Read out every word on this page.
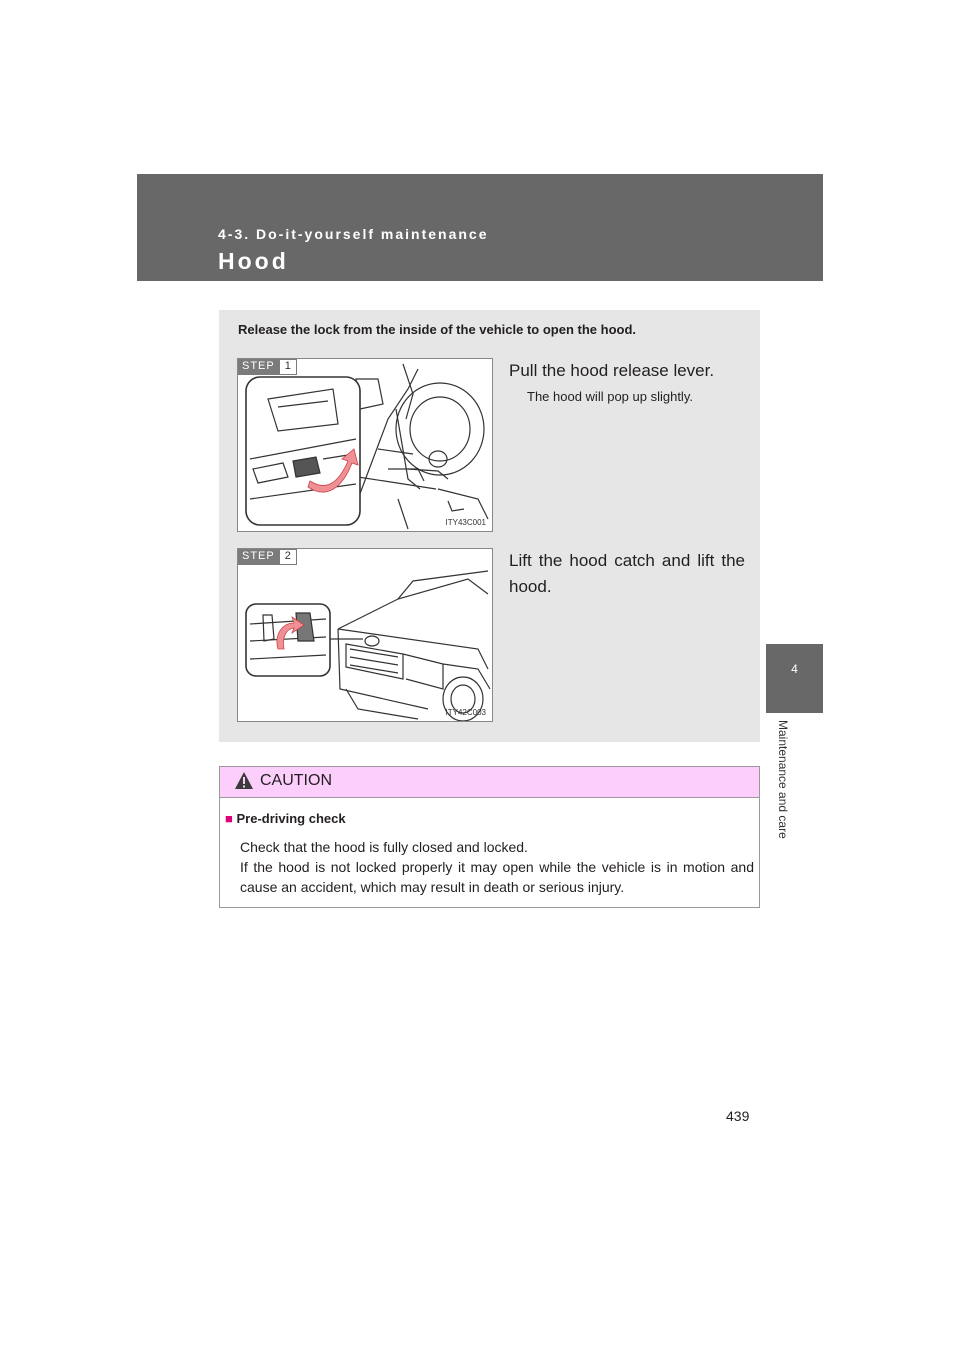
4-3. Do-it-yourself maintenance
Hood
4
Maintenance and care
Release the lock from the inside of the vehicle to open the hood.
STEP 1
ITY43C001
Pull the hood release lever.
The hood will pop up slightly.
STEP 2
ITY42C003
Lift the hood catch and lift the hood.
CAUTION
■ Pre-driving check
Check that the hood is fully closed and locked.
If the hood is not locked properly it may open while the vehicle is in motion and cause an accident, which may result in death or serious injury.
439
